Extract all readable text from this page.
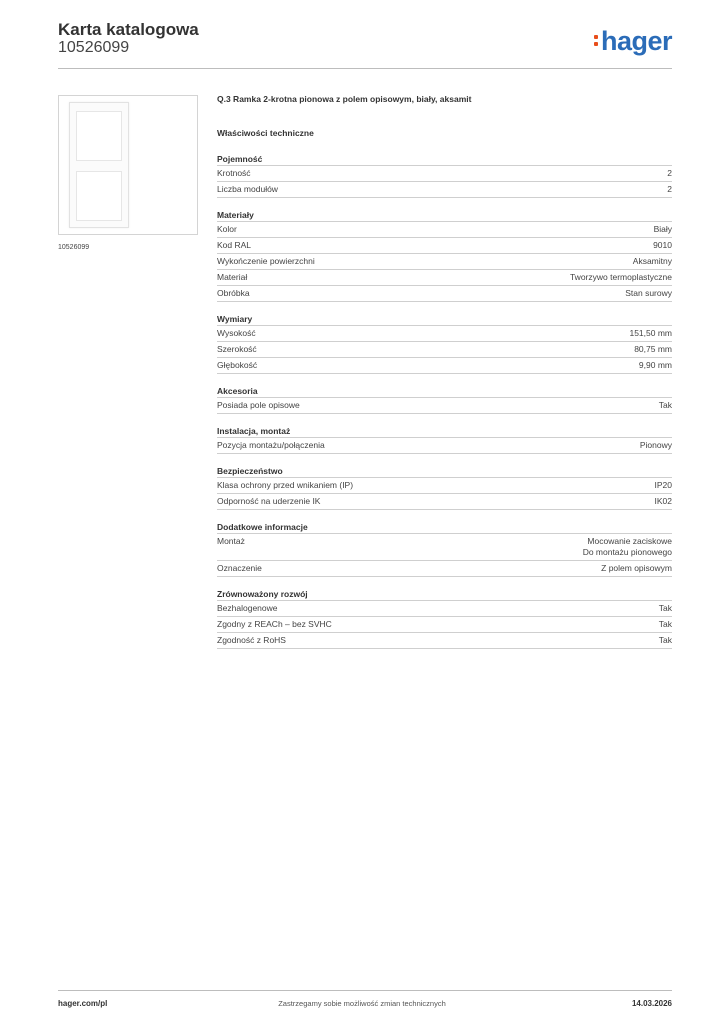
Karta katalogowa
10526099	hager
10526099
Q.3 Ramka 2-krotna pionowa z polem opisowym, biały, aksamit
Właściwości techniczne
Pojemność
Krotność	2
Liczba modułów	2
Materiały
Kolor	Biały
Kod RAL	9010
Wykończenie powierzchni	Aksamitny
Materiał	Tworzywo termoplastyczne
Obróbka	Stan surowy
Wymiary
Wysokość	151,50 mm
Szerokość	80,75 mm
Głębokość	9,90 mm
Akcesoria
Posiada pole opisowe	Tak
Instalacja, montaż
Pozycja montażu/połączenia	Pionowy
Bezpieczeństwo
Klasa ochrony przed wnikaniem (IP)	IP20
Odporność na uderzenie IK	IK02
Dodatkowe informacje
Montaż	Mocowanie zaciskowe
Do montażu pionowego
Oznaczenie	Z polem opisowym
Zrównoważony rozwój
Bezhalogenowe	Tak
Zgodny z REACh – bez SVHC	Tak
Zgodność z RoHS	Tak
hager.com/pl	Zastrzegamy sobie możliwość zmian technicznych	14.03.2026
